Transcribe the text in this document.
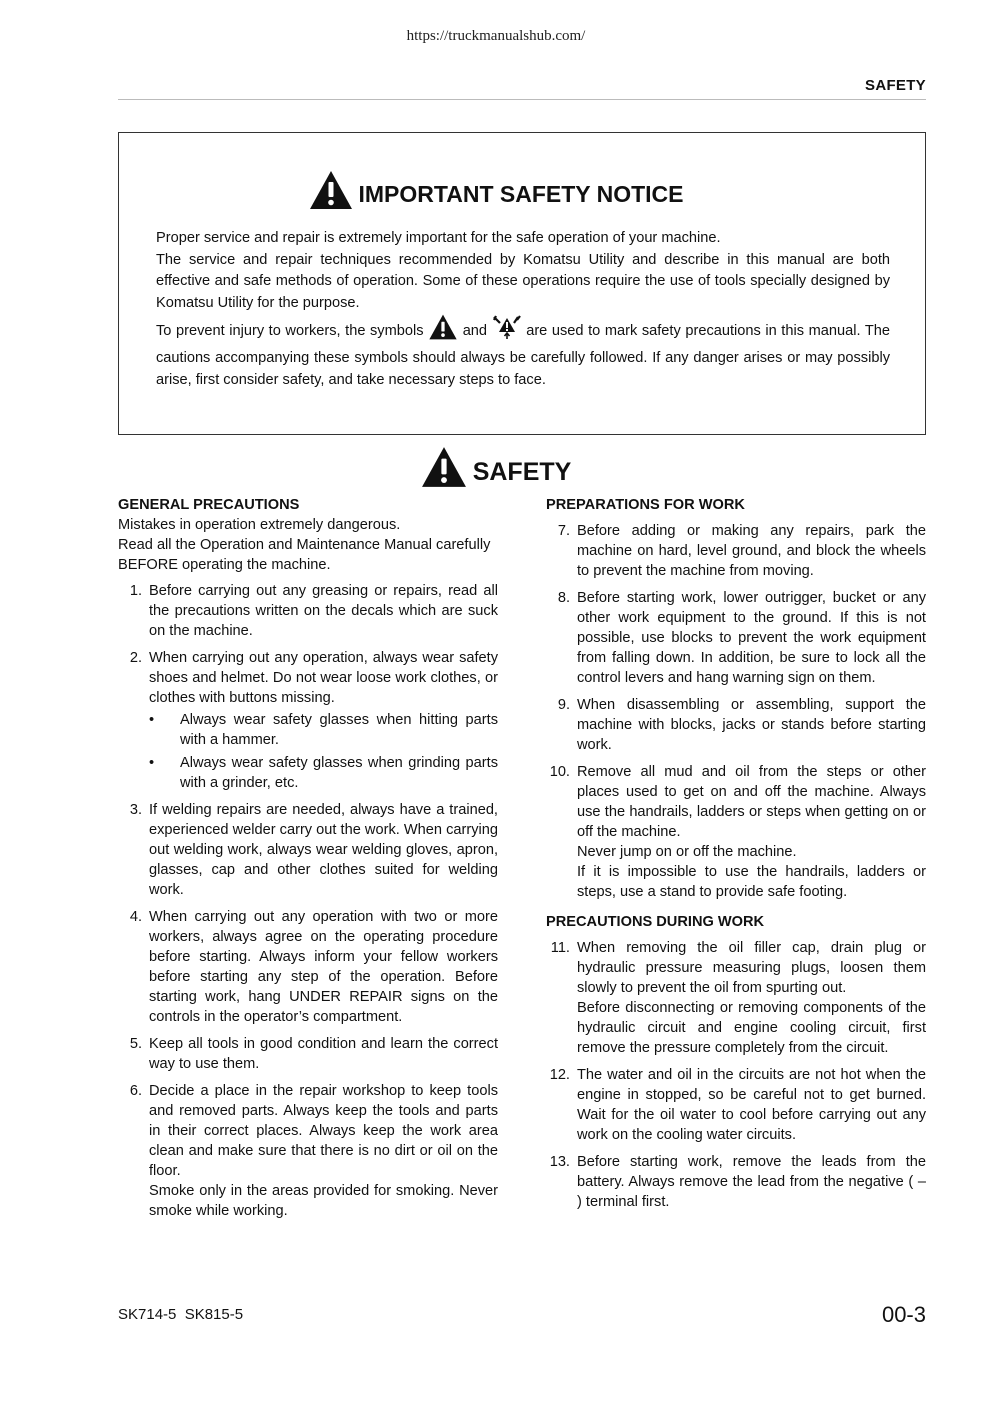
https://truckmanualshub.com/
SAFETY
IMPORTANT SAFETY NOTICE

Proper service and repair is extremely important for the safe operation of your machine.

The service and repair techniques recommended by Komatsu Utility and describe in this manual are both effective and safe methods of operation. Some of these operations require the use of tools specially designed by Komatsu Utility for the purpose.

To prevent injury to workers, the symbols	and	are used to mark safety precautions in this manual. The cautions accompanying these symbols should always be carefully followed. If any danger arises or may possibly arise, first consider safety, and take necessary steps to face.

SAFETY
GENERAL PRECAUTIONS

Mistakes in operation extremely dangerous.

Read all the Operation and Maintenance Manual carefully BEFORE operating the machine.

1. Before carrying out any greasing or repairs, read all the precautions written on the decals which are suck on the machine.

2. When carrying out any operation, always wear safety shoes and helmet. Do not wear loose work clothes, or clothes with buttons missing.

• Always wear safety glasses when hitting parts with a hammer.
• Always wear safety glasses when grinding parts with a grinder, etc.
3. If welding repairs are needed, always have a trained, experienced welder carry out the work. When carrying out welding work, always wear welding gloves, apron, glasses, cap and other clothes suited for welding work.

4. When carrying out any operation with two or more workers, always agree on the operating procedure before starting. Always inform your fellow workers before starting any step of the operation. Before starting work, hang UNDER REPAIR signs on the controls in the operator’s compartment.

5. Keep all tools in good condition and learn the correct way to use them.

6. Decide a place in the repair workshop to keep tools and removed parts. Always keep the tools and parts in their correct places. Always keep the work area clean and make sure that there is no dirt or oil on the floor.

Smoke only in the areas provided for smoking. Never smoke while working.

PREPARATIONS FOR WORK
7. Before adding or making any repairs, park the machine on hard, level ground, and block the wheels to prevent the machine from moving.

8. Before starting work, lower outrigger, bucket or any other work equipment to the ground. If this is not possible, use blocks to prevent the work equipment from falling down. In addition, be sure to lock all the control levers and hang warning sign on them.

9. When disassembling or assembling, support the machine with blocks, jacks or stands before starting work.

10. Remove all mud and oil from the steps or other places used to get on and off the machine. Always use the handrails, ladders or steps when getting on or off the machine.

Never jump on or off the machine.

If it is impossible to use the handrails, ladders or steps, use a stand to provide safe footing.

PRECAUTIONS DURING WORK
11. When removing the oil filler cap, drain plug or hydraulic pressure measuring plugs, loosen them slowly to prevent the oil from spurting out.

Before disconnecting or removing components of the hydraulic circuit and engine cooling circuit, first remove the pressure completely from the circuit.

12. The water and oil in the circuits are not hot when the engine in stopped, so be careful not to get burned. Wait for the oil water to cool before carrying out any work on the cooling water circuits.

13. Before starting work, remove the leads from the battery. Always remove the lead from the negative ( – ) terminal first.

SK714-5  SK815-5	00-3
